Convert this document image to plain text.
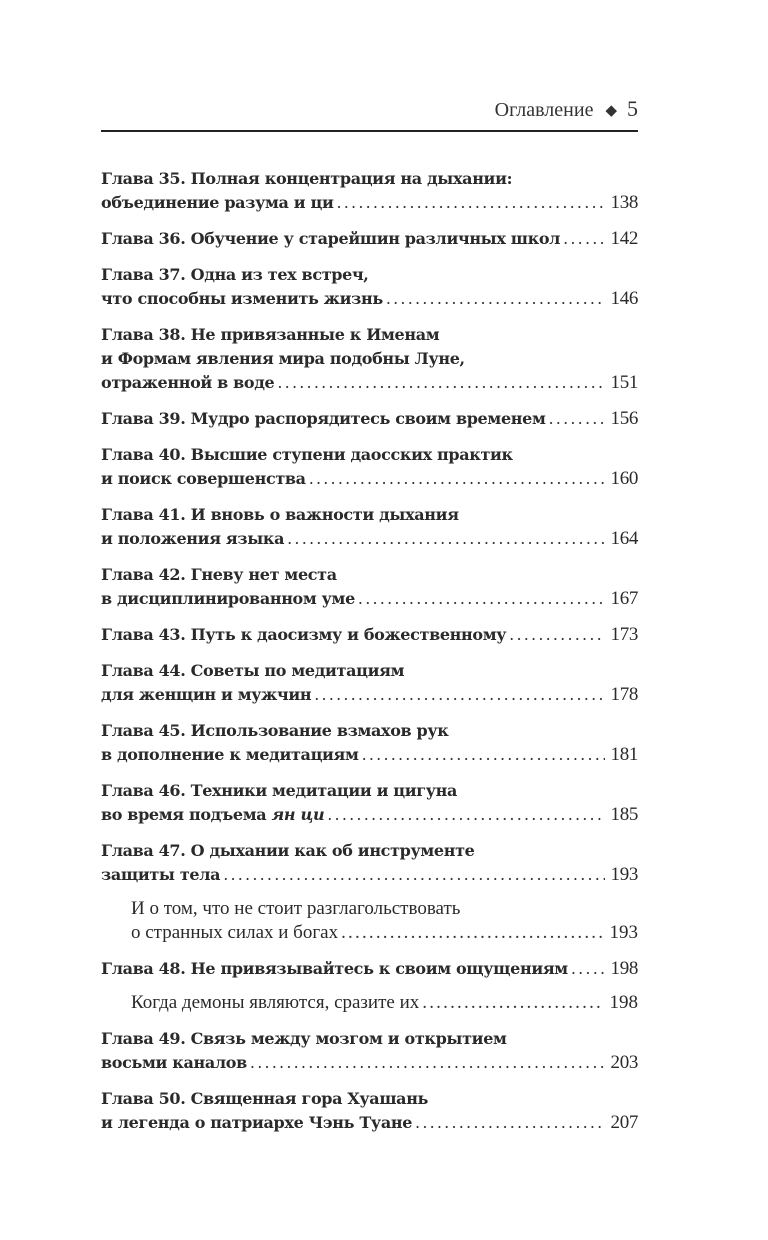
Оглавление ◆ 5
Глава 35. Полная концентрация на дыхании:
объединение разума и ци .....	138
Глава 36. Обучение у старейшин различных школ .....	142
Глава 37. Одна из тех встреч,
что способны изменить жизнь .....	146
Глава 38. Не привязанные к Именам
и Формам явления мира подобны Луне,
отраженной в воде .....	151
Глава 39. Мудро распорядитесь своим временем .....	156
Глава 40. Высшие ступени даосских практик
и поиск совершенства .....	160
Глава 41. И вновь о важности дыхания
и положения языка .....	164
Глава 42. Гневу нет места
в дисциплинированном уме .....	167
Глава 43. Путь к даосизму и божественному .....	173
Глава 44. Советы по медитациям
для женщин и мужчин .....	178
Глава 45. Использование взмахов рук
в дополнение к медитациям .....	181
Глава 46. Техники медитации и цигуна
во время подъема ян ци .....	185
Глава 47. О дыхании как об инструменте
защиты тела .....	193
И о том, что не стоит разглагольствовать
о странных силах и богах .....	193
Глава 48. Не привязывайтесь к своим ощущениям ..... 198
Когда демоны являются, сразите их .....	198
Глава 49. Связь между мозгом и открытием
восьми каналов .....	203
Глава 50. Священная гора Хуашань
и легенда о патриархе Чэнь Туане .....	207
